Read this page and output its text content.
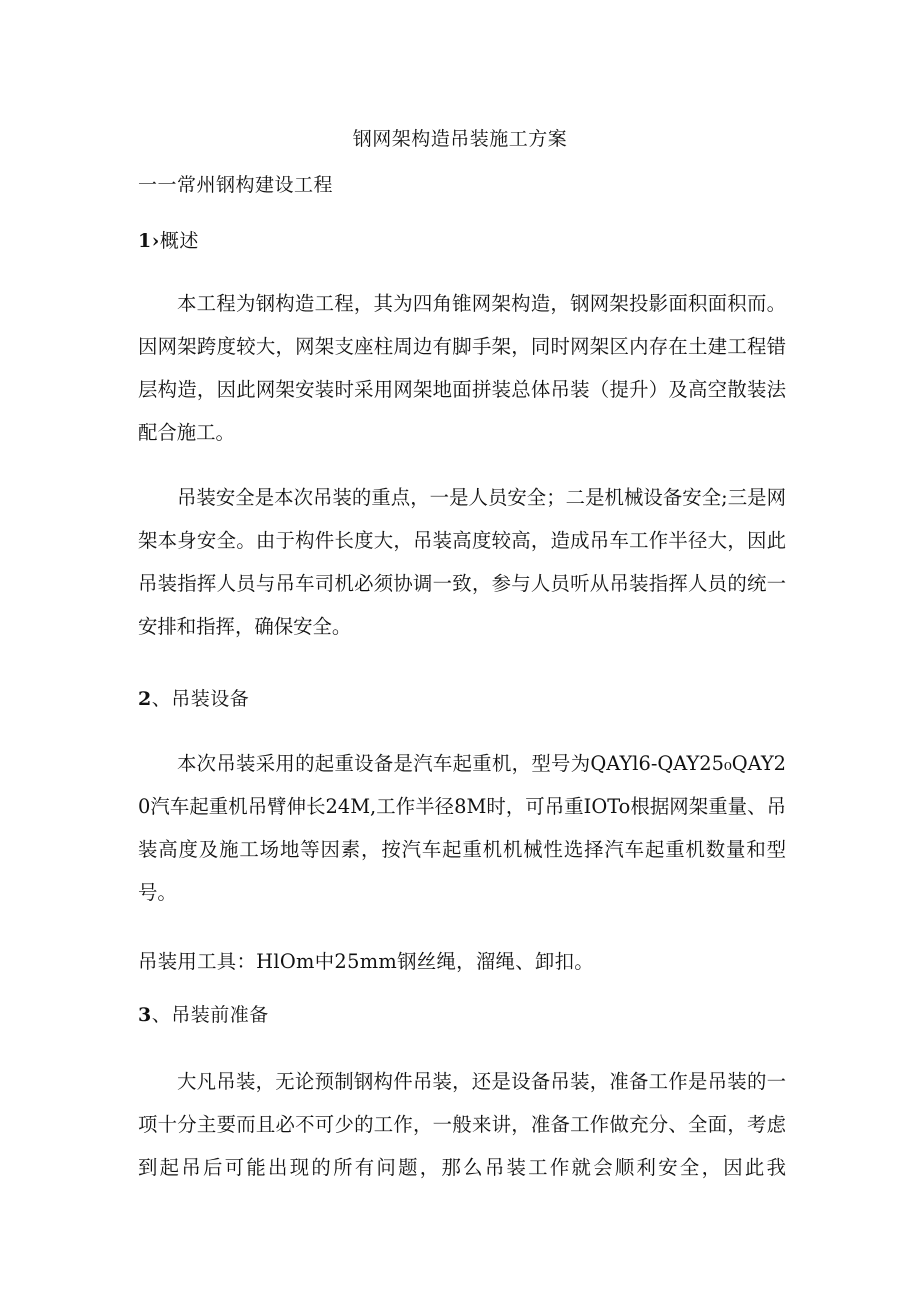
钢网架构造吊装施工方案
一一常州钢构建设工程
1›概述
本工程为钢构造工程，其为四角锥网架构造，钢网架投影面积面积而。因网架跨度较大，网架支座柱周边有脚手架，同时网架区内存在土建工程错层构造，因此网架安装时采用网架地面拼装总体吊装（提升）及高空散装法配合施工。
吊装安全是本次吊装的重点，一是人员安全；二是机械设备安全;三是网架本身安全。由于构件长度大，吊装高度较高，造成吊车工作半径大，因此吊装指挥人员与吊车司机必须协调一致，参与人员听从吊装指挥人员的统一安排和指挥，确保安全。
2、吊装设备
本次吊装采用的起重设备是汽车起重机，型号为QAYl6-QAY25₀QAY20汽车起重机吊臂伸长24M,工作半径8M时，可吊重IOTo根据网架重量、吊装高度及施工场地等因素，按汽车起重机机械性选择汽车起重机数量和型号。
吊装用工具：HlOm中25mm钢丝绳，溜绳、卸扣。
3、吊装前准备
大凡吊装，无论预制钢构件吊装，还是设备吊装，准备工作是吊装的一项十分主要而且必不可少的工作，一般来讲，准备工作做充分、全面，考虑到起吊后可能出现的所有问题，那么吊装工作就会顺利安全，因此我
